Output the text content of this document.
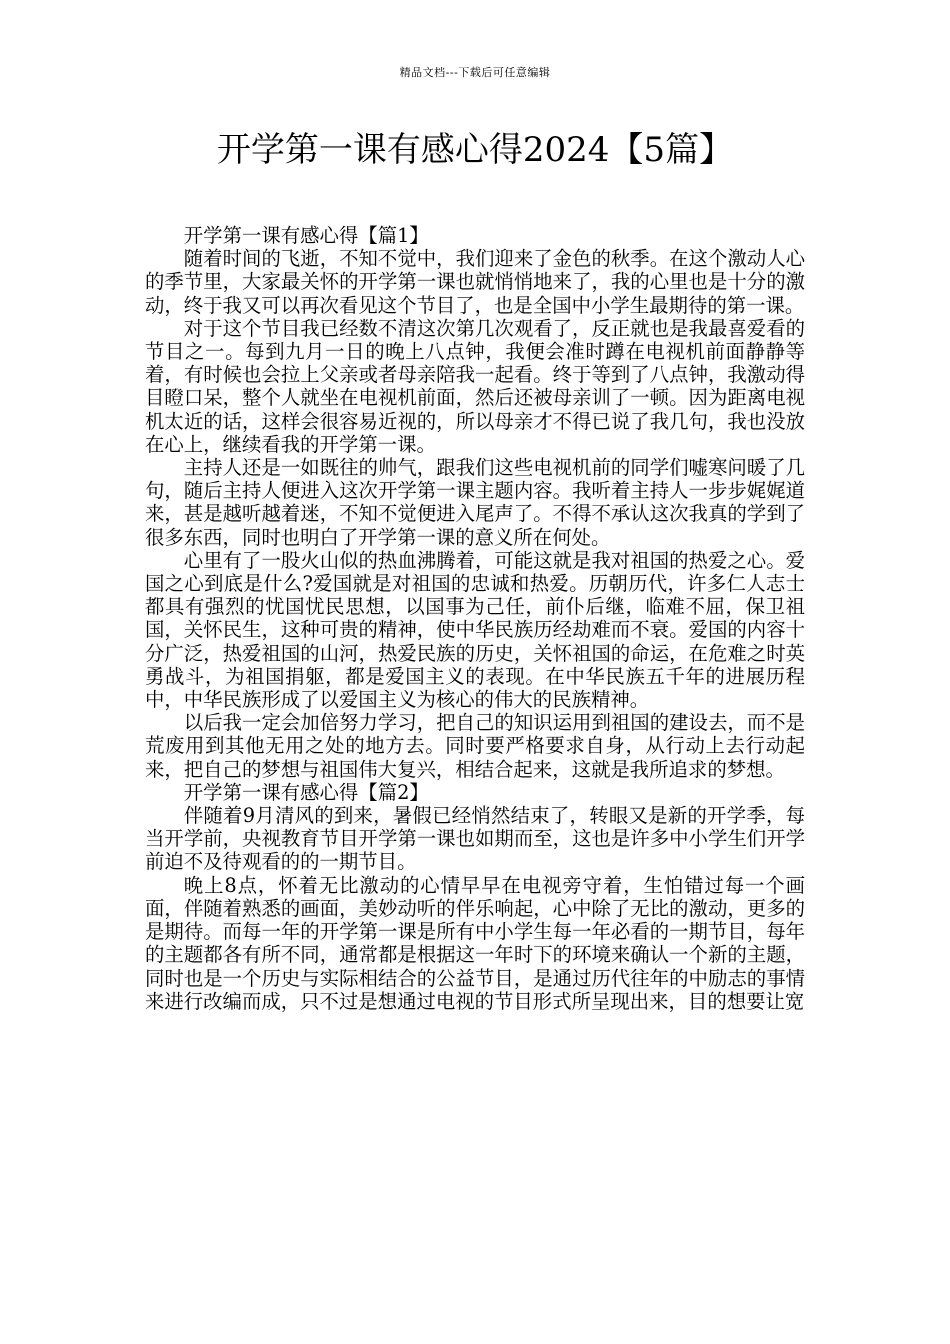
精品文档---下载后可任意编辑
开学第一课有感心得2024【5篇】
开学第一课有感心得【篇1】

随着时间的飞逝，不知不觉中，我们迎来了金色的秋季。在这个激动人心的季节里，大家最关怀的开学第一课也就悄悄地来了，我的心里也是十分的激动，终于我又可以再次看见这个节目了，也是全国中小学生最期待的第一课。

对于这个节目我已经数不清这次第几次观看了，反正就也是我最喜爱看的节目之一。每到九月一日的晚上八点钟，我便会准时蹲在电视机前面静静等着，有时候也会拉上父亲或者母亲陪我一起看。终于等到了八点钟，我激动得目瞪口呆，整个人就坐在电视机前面，然后还被母亲训了一顿。因为距离电视机太近的话，这样会很容易近视的，所以母亲才不得已说了我几句，我也没放在心上，继续看我的开学第一课。

主持人还是一如既往的帅气，跟我们这些电视机前的同学们嘘寒问暖了几句，随后主持人便进入这次开学第一课主题内容。我听着主持人一步步娓娓道来，甚是越听越着迷，不知不觉便进入尾声了。不得不承认这次我真的学到了很多东西，同时也明白了开学第一课的意义所在何处。

心里有了一股火山似的热血沸腾着，可能这就是我对祖国的热爱之心。爱国之心到底是什么?爱国就是对祖国的忠诚和热爱。历朝历代，许多仁人志士都具有强烈的忧国忧民思想，以国事为己任，前仆后继，临难不屈，保卫祖国，关怀民生，这种可贵的精神，使中华民族历经劫难而不衰。爱国的内容十分广泛，热爱祖国的山河，热爱民族的历史，关怀祖国的命运，在危难之时英勇战斗，为祖国捐躯，都是爱国主义的表现。在中华民族五千年的进展历程中，中华民族形成了以爱国主义为核心的伟大的民族精神。

以后我一定会加倍努力学习，把自己的知识运用到祖国的建设去，而不是荒废用到其他无用之处的地方去。同时要严格要求自身，从行动上去行动起来，把自己的梦想与祖国伟大复兴，相结合起来，这就是我所追求的梦想。

开学第一课有感心得【篇2】

伴随着9月清风的到来，暑假已经悄然结束了，转眼又是新的开学季，每当开学前，央视教育节目开学第一课也如期而至，这也是许多中小学生们开学前迫不及待观看的的一期节目。

晚上8点，怀着无比激动的心情早早在电视旁守着，生怕错过每一个画面，伴随着熟悉的画面，美妙动听的伴乐响起，心中除了无比的激动，更多的是期待。而每一年的开学第一课是所有中小学生每一年必看的一期节目，每年的主题都各有所不同，通常都是根据这一年时下的环境来确认一个新的主题，同时也是一个历史与实际相结合的公益节目，是通过历代往年的中励志的事情来进行改编而成，只不过是想通过电视的节目形式所呈现出来，目的想要让宽
